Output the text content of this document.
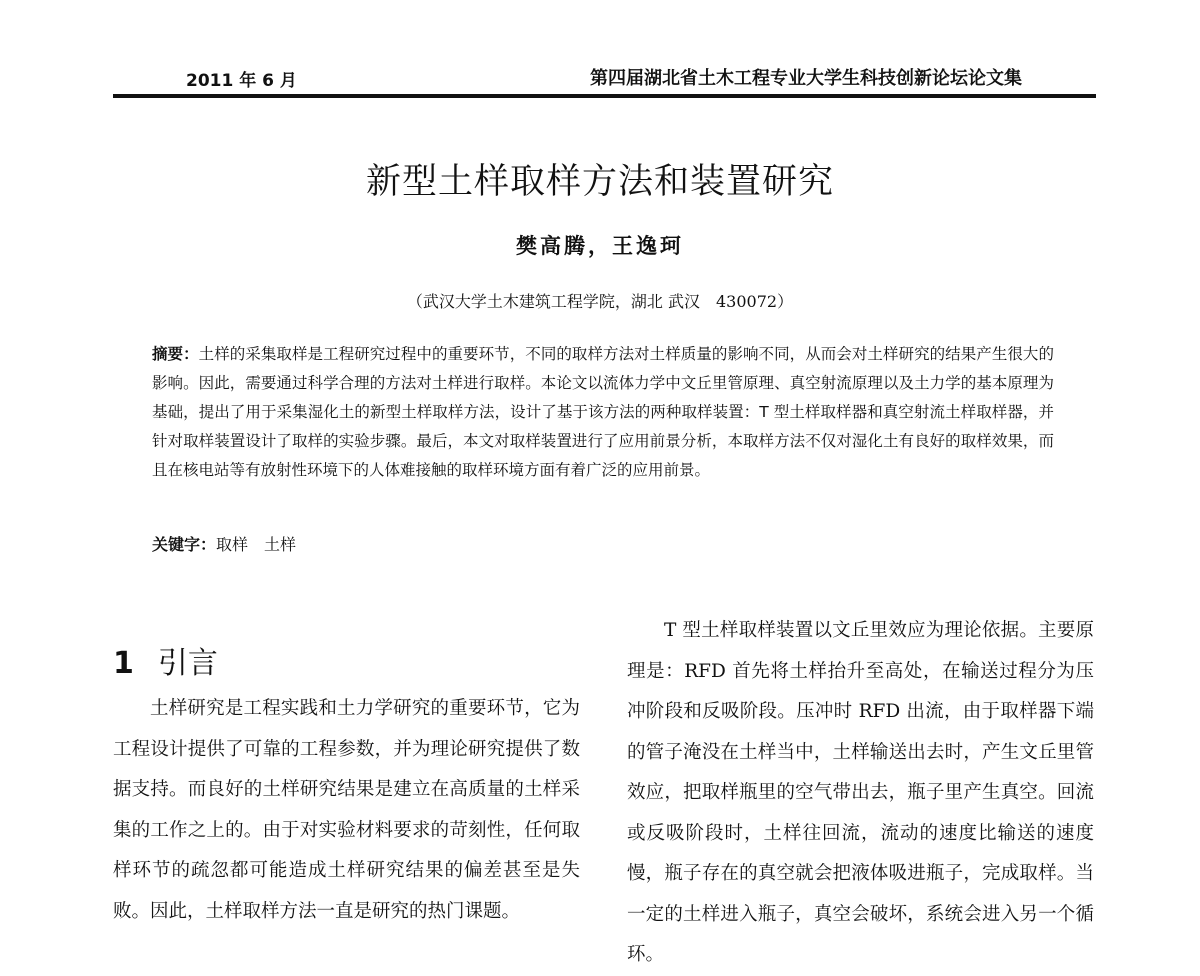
2011 年 6 月	第四届湖北省土木工程专业大学生科技创新论坛论文集
新型土样取样方法和装置研究
樊高腾，王逸珂
（武汉大学土木建筑工程学院，湖北 武汉　430072）
摘要：土样的采集取样是工程研究过程中的重要环节，不同的取样方法对土样质量的影响不同，从而会对土样研究的结果产生很大的影响。因此，需要通过科学合理的方法对土样进行取样。本论文以流体力学中文丘里管原理、真空射流原理以及土力学的基本原理为基础，提出了用于采集湿化土的新型土样取样方法，设计了基于该方法的两种取样装置：T 型土样取样器和真空射流土样取样器，并针对取样装置设计了取样的实验步骤。最后，本文对取样装置进行了应用前景分析，本取样方法不仅对湿化土有良好的取样效果，而且在核电站等有放射性环境下的人体难接触的取样环境方面有着广泛的应用前景。
关键字：取样　土样
1 引言

土样研究是工程实践和土力学研究的重要环节，它为工程设计提供了可靠的工程参数，并为理论研究提供了数据支持。而良好的土样研究结果是建立在高质量的土样采集的工作之上的。由于对实验材料要求的苛刻性，任何取样环节的疏忽都可能造成土样研究结果的偏差甚至是失败。因此，土样取样方法一直是研究的热门课题。

T 型土样取样装置以文丘里效应为理论依据。主要原理是：RFD 首先将土样抬升至高处，在输送过程分为压冲阶段和反吸阶段。压冲时 RFD 出流，由于取样器下端的管子淹没在土样当中，土样输送出去时，产生文丘里管效应，把取样瓶里的空气带出去，瓶子里产生真空。回流或反吸阶段时，土样往回流，流动的速度比输送的速度慢，瓶子存在的真空就会把液体吸进瓶子，完成取样。当一定的土样进入瓶子，真空会破坏，系统会进入另一个循环。
